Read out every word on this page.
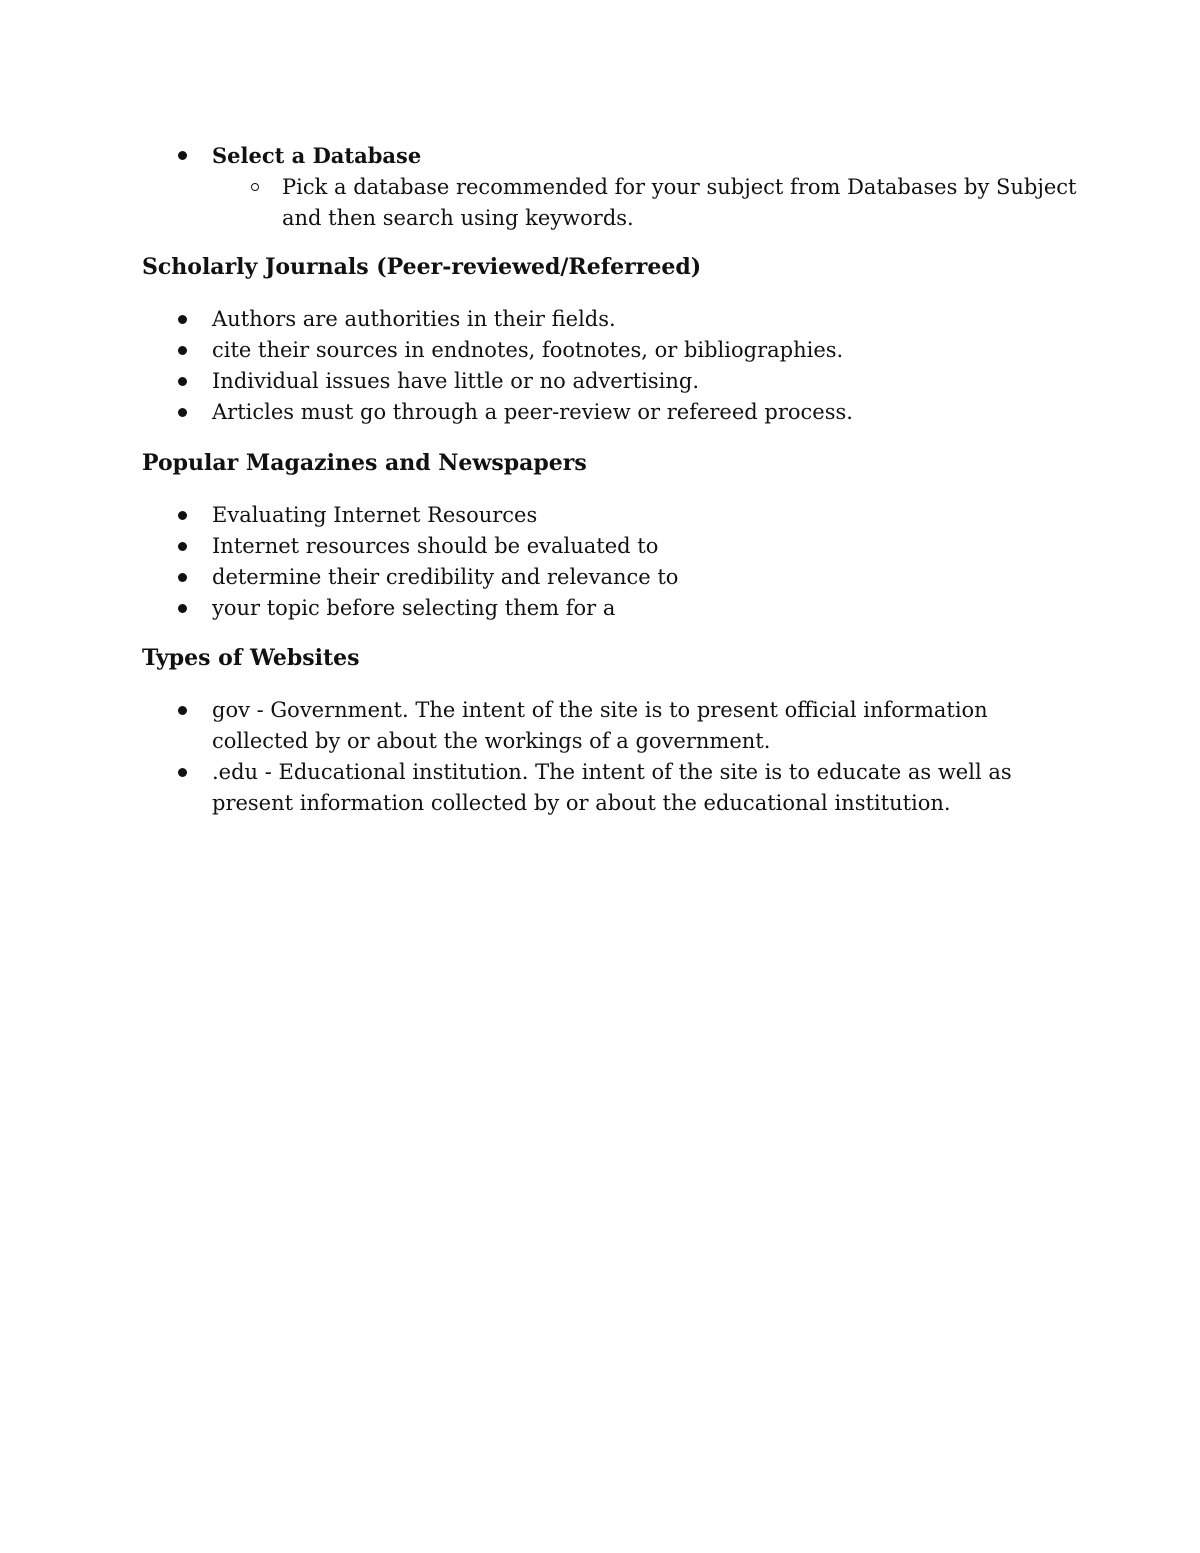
Select a Database
Pick a database recommended for your subject from Databases by Subject
and then search using keywords.
Scholarly Journals (Peer-reviewed/Referreed)
Authors are authorities in their fields.
cite their sources in endnotes, footnotes, or bibliographies.
Individual issues have little or no advertising.
Articles must go through a peer-review or refereed process.
Popular Magazines and Newspapers
Evaluating Internet Resources
Internet resources should be evaluated to
determine their credibility and relevance to
your topic before selecting them for a
Types of Websites
gov - Government. The intent of the site is to present official information
collected by or about the workings of a government.
.edu - Educational institution. The intent of the site is to educate as well as
present information collected by or about the educational institution.
